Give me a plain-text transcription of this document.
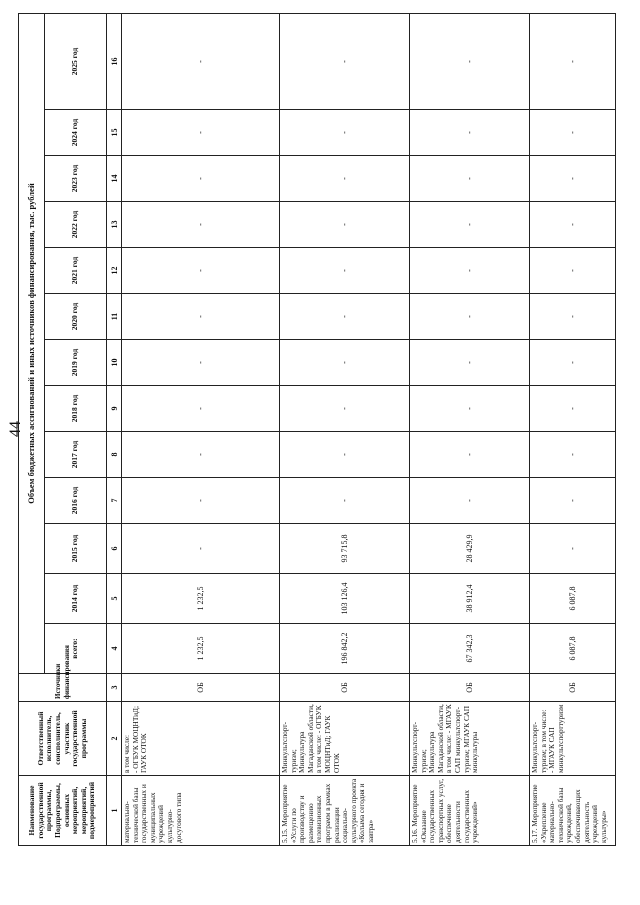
44
Наименование государственной программы, Подпрограммы, основных мероприятий, мероприятий, подмероприятий	Ответственный исполнитель, соисполнитель, участник государственной программы	Источники финансирования	Объем бюджетных ассигнований и иных источников финансирования, тыс. рублей												
			всего:	2014 год	2015 год	2016 год	2017 год	2018 год	2019 год	2020 год	2021 год	2022 год	2023 год	2024 год	2025 год
1	2	3	4	5	6	7	8	9	10	11	12	13	14	15	16
материально-технической базы государственных и муниципальных учреждений культурно-досугового типа	в том числе: - ОГБУК МОЦНТиД; ГАУК ОТОК	ОБ	1 232,5	1 232,5	-	-	-	-	-	-	-	-	-	-	-
5.15. Мероприятие «Услуги по производству и размещению телевизионных программ в рамках реализации социально-культурного проекта «Колыма сегодня и завтра»	Минкультспорт-туризм; Минкультура Магаданской области, в том числе: - ОГБУК МОЦНТиД; ГАУК ОТОК	ОБ	196 842,2	103 126,4	93 715,8	-	-	-	-	-	-	-	-	-	-
5.16. Мероприятие «Оказание государственных транспортных услуг, обеспечение деятельности государственных учреждений»	Минкультспорт-туризм; Минкультура Магаданской области, в том числе: - МГАУК САП минкультспорт-туризм; МГАУК САП минкультуры	ОБ	67 342,3	38 912,4	28 429,9	-	-	-	-	-	-	-	-	-	-
5.17. Мероприятие «Укрепление материально-технической базы учреждений, обеспечивающих деятельность учреждений культуры»	Минкультспорт-туризм; в том числе: - МГАУК САП минкультспорттуризм	ОБ	6 087,8	6 087,8	-	-	-	-	-	-	-	-	-	-	-
